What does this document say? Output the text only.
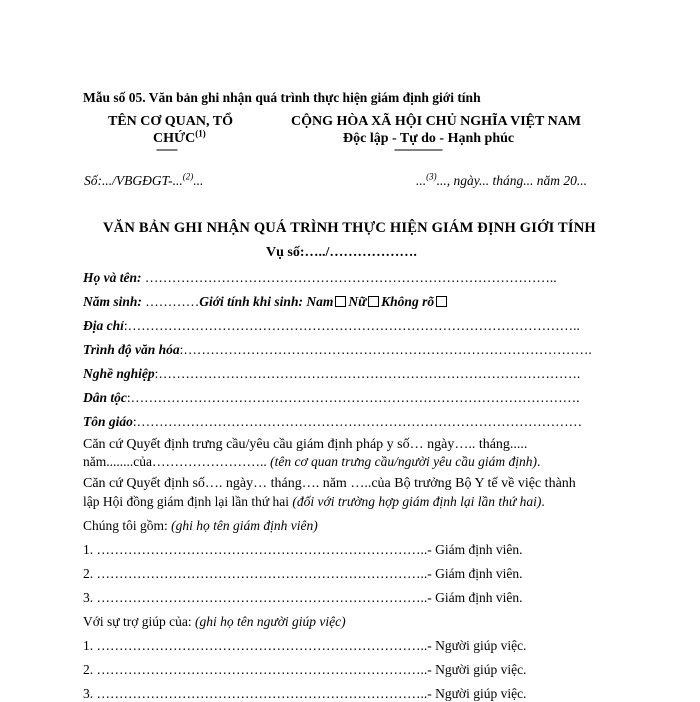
Mẫu số 05. Văn bản ghi nhận quá trình thực hiện giám định giới tính
TÊN CƠ QUAN, TỔ
CHỨC$^{(1)}$
-------
Số:.../VBGĐGT-...$^{(2)}$...
CỘNG HÒA XÃ HỘI CHỦ NGHĨA VIỆT NAM
Độc lập - Tự do - Hạnh phúc
----------------
...$^{(3)}$..., ngày... tháng... năm 20...
VĂN BẢN GHI NHẬN QUÁ TRÌNH THỰC HIỆN GIÁM ĐỊNH GIỚI TÍNH
Vụ số:…../……………….
Họ và tên: ………………………………………………………………………………..
Năm sinh: …………Giới tính khi sinh: Nam Nữ Không rõ
Địa chỉ:………………………………………………………………………………………..
Trình độ văn hóa:……………………………………………………………………………….
Nghề nghiệp:………………………………………………………………………………….
Dân tộc:……………………………………………………………………………………….
Tôn giáo:………………………………………………………………………………………
Căn cứ Quyết định trưng cầu/yêu cầu giám định pháp y số… ngày….. tháng.....
năm........của…………………….. (tên cơ quan trưng cầu/người yêu cầu giám định).
Căn cứ Quyết định số…. ngày… tháng…. năm …..của Bộ trưởng Bộ Y tế về việc thành
lập Hội đồng giám định lại lần thứ hai (đối với trường hợp giám định lại lần thứ hai).
Chúng tôi gồm: (ghi họ tên giám định viên)
1. ………………………………………………………………..- Giám định viên.
2. ………………………………………………………………..- Giám định viên.
3. ………………………………………………………………..- Giám định viên.
Với sự trợ giúp của: (ghi họ tên người giúp việc)
1. ………………………………………………………………..- Người giúp việc.
2. ………………………………………………………………..- Người giúp việc.
3. ………………………………………………………………..- Người giúp việc.
